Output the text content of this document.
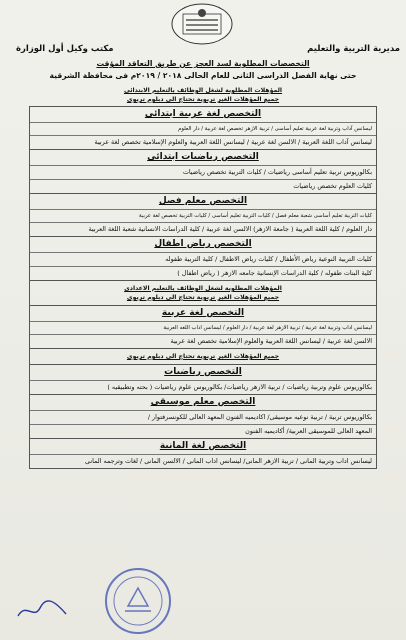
مديرية التربية والتعليم
مكتب وكيل أول الوزارة
التخصصات المطلوبة لسد العجز عن طريق التعاقد المؤقت
حتى نهاية الفصل الدراسى الثانى للعام الحالى ٢٠١٨ / ٢٠١٩م فى محافظة الشرقية
المؤهلات المطلوبة لشغل الوظائف بالتعليم الابتدائى
جميع المؤهلات الغير تربوية تحتاج الى دبلوم تربوى
التخصص لغة عربية ابتدائى
ليسانس آداب وتربية لغة عربية تعليم أساسى / تربية الازهر تخصص لغة عربية / دار العلوم
ليسانس آداب اللغة العربية / الالسن لغة عربية / ليسانس اللغة العربية والعلوم الإسلامية تخصص لغة عربية
التخصص رياضيات ابتدائى
بكالوريوس تربية تعليم أساسى رياضيات / كليات التربية تخصص رياضيات
كليات العلوم تخصص رياضيات
التخصص معلم فصل
كليات التربية تعليم أساسى شعبة معلم فصل / كليات التربية تعليم أساسى / كليات التربية تخصص لغة عربية
دار العلوم / كلية اللغة العربية ( جامعة الازهر) الالسن لغة عربية / كلية الدراسات الانسانية شعبة اللغة العربية
التخصص رياض اطفال
كليات التربية النوعية رياض الأطفال / كليات رياض الاطفال / كلية التربية طفوله
كلية البنات طفوله / كلية الدراسات الإنسانية جامعه الازهر ( رياض اطفال )
المؤهلات المطلوبة لشغل الوظائف بالتعليم الاعدادى
جميع المؤهلات الغير تربوية تحتاج الى دبلوم تربوى
التخصص لغة عربية
ليسانس اداب وتربية لغة عربية / تربية الازهر لغة عربية / دار العلوم / ليسانس اداب اللغه العربية
الالسن لغة عربية / ليسانس اللغة العربية والعلوم الإسلامية تخصص لغة عربية
جميع المؤهلات الغير تربوية تحتاج الى دبلوم تربوى
التخصص رياضيات
بكالوريوس علوم وتربية رياضيات / تربية الازهر رياضيات/ بكالوريوس علوم رياضيات ( بحته وتطبيقيه )
التخصص معلم موسيقى
بكالوريوس تربية / تربية نوعيه موسيقى/ اكاديميه الفنون المعهد العالى للكونسرفتوار /
المعهد العالى للموسيقى العربية/ أكاديميه الفنون
التخصص لغة المانية
ليسانس اداب وتربية المانى / تربية الازهر المانى/ ليسانس اداب المانى / الالسن المانى / لغات وترجمه المانى
